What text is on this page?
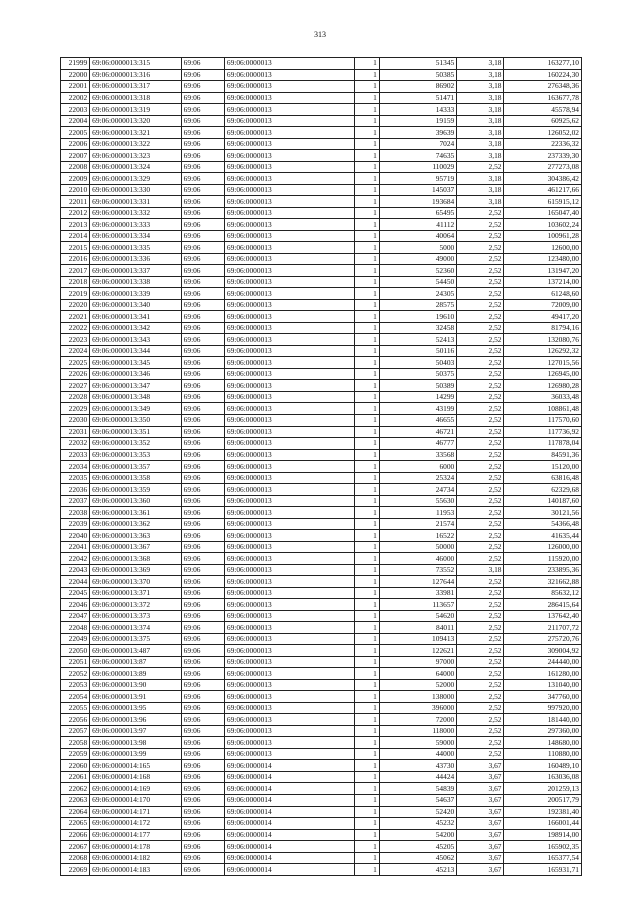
313
21999	69:06:0000013:315	69:06	69:06:0000013	1	51345	3,18	163277,10
22000	69:06:0000013:316	69:06	69:06:0000013	1	50385	3,18	160224,30
22001	69:06:0000013:317	69:06	69:06:0000013	1	86902	3,18	276348,36
22002	69:06:0000013:318	69:06	69:06:0000013	1	51471	3,18	163677,78
22003	69:06:0000013:319	69:06	69:06:0000013	1	14333	3,18	45578,94
22004	69:06:0000013:320	69:06	69:06:0000013	1	19159	3,18	60925,62
22005	69:06:0000013:321	69:06	69:06:0000013	1	39639	3,18	126052,02
22006	69:06:0000013:322	69:06	69:06:0000013	1	7024	3,18	22336,32
22007	69:06:0000013:323	69:06	69:06:0000013	1	74635	3,18	237339,30
22008	69:06:0000013:324	69:06	69:06:0000013	1	110029	2,52	277273,08
22009	69:06:0000013:329	69:06	69:06:0000013	1	95719	3,18	304386,42
22010	69:06:0000013:330	69:06	69:06:0000013	1	145037	3,18	461217,66
22011	69:06:0000013:331	69:06	69:06:0000013	1	193684	3,18	615915,12
22012	69:06:0000013:332	69:06	69:06:0000013	1	65495	2,52	165047,40
22013	69:06:0000013:333	69:06	69:06:0000013	1	41112	2,52	103602,24
22014	69:06:0000013:334	69:06	69:06:0000013	1	40064	2,52	100961,28
22015	69:06:0000013:335	69:06	69:06:0000013	1	5000	2,52	12600,00
22016	69:06:0000013:336	69:06	69:06:0000013	1	49000	2,52	123480,00
22017	69:06:0000013:337	69:06	69:06:0000013	1	52360	2,52	131947,20
22018	69:06:0000013:338	69:06	69:06:0000013	1	54450	2,52	137214,00
22019	69:06:0000013:339	69:06	69:06:0000013	1	24305	2,52	61248,60
22020	69:06:0000013:340	69:06	69:06:0000013	1	28575	2,52	72009,00
22021	69:06:0000013:341	69:06	69:06:0000013	1	19610	2,52	49417,20
22022	69:06:0000013:342	69:06	69:06:0000013	1	32458	2,52	81794,16
22023	69:06:0000013:343	69:06	69:06:0000013	1	52413	2,52	132080,76
22024	69:06:0000013:344	69:06	69:06:0000013	1	50116	2,52	126292,32
22025	69:06:0000013:345	69:06	69:06:0000013	1	50403	2,52	127015,56
22026	69:06:0000013:346	69:06	69:06:0000013	1	50375	2,52	126945,00
22027	69:06:0000013:347	69:06	69:06:0000013	1	50389	2,52	126980,28
22028	69:06:0000013:348	69:06	69:06:0000013	1	14299	2,52	36033,48
22029	69:06:0000013:349	69:06	69:06:0000013	1	43199	2,52	108861,48
22030	69:06:0000013:350	69:06	69:06:0000013	1	46655	2,52	117570,60
22031	69:06:0000013:351	69:06	69:06:0000013	1	46721	2,52	117736,92
22032	69:06:0000013:352	69:06	69:06:0000013	1	46777	2,52	117878,04
22033	69:06:0000013:353	69:06	69:06:0000013	1	33568	2,52	84591,36
22034	69:06:0000013:357	69:06	69:06:0000013	1	6000	2,52	15120,00
22035	69:06:0000013:358	69:06	69:06:0000013	1	25324	2,52	63816,48
22036	69:06:0000013:359	69:06	69:06:0000013	1	24734	2,52	62329,68
22037	69:06:0000013:360	69:06	69:06:0000013	1	55630	2,52	140187,60
22038	69:06:0000013:361	69:06	69:06:0000013	1	11953	2,52	30121,56
22039	69:06:0000013:362	69:06	69:06:0000013	1	21574	2,52	54366,48
22040	69:06:0000013:363	69:06	69:06:0000013	1	16522	2,52	41635,44
22041	69:06:0000013:367	69:06	69:06:0000013	1	50000	2,52	126000,00
22042	69:06:0000013:368	69:06	69:06:0000013	1	46000	2,52	115920,00
22043	69:06:0000013:369	69:06	69:06:0000013	1	73552	3,18	233895,36
22044	69:06:0000013:370	69:06	69:06:0000013	1	127644	2,52	321662,88
22045	69:06:0000013:371	69:06	69:06:0000013	1	33981	2,52	85632,12
22046	69:06:0000013:372	69:06	69:06:0000013	1	113657	2,52	286415,64
22047	69:06:0000013:373	69:06	69:06:0000013	1	54620	2,52	137642,40
22048	69:06:0000013:374	69:06	69:06:0000013	1	84011	2,52	211707,72
22049	69:06:0000013:375	69:06	69:06:0000013	1	109413	2,52	275720,76
22050	69:06:0000013:487	69:06	69:06:0000013	1	122621	2,52	309004,92
22051	69:06:0000013:87	69:06	69:06:0000013	1	97000	2,52	244440,00
22052	69:06:0000013:89	69:06	69:06:0000013	1	64000	2,52	161280,00
22053	69:06:0000013:90	69:06	69:06:0000013	1	52000	2,52	131040,00
22054	69:06:0000013:91	69:06	69:06:0000013	1	138000	2,52	347760,00
22055	69:06:0000013:95	69:06	69:06:0000013	1	396000	2,52	997920,00
22056	69:06:0000013:96	69:06	69:06:0000013	1	72000	2,52	181440,00
22057	69:06:0000013:97	69:06	69:06:0000013	1	118000	2,52	297360,00
22058	69:06:0000013:98	69:06	69:06:0000013	1	59000	2,52	148680,00
22059	69:06:0000013:99	69:06	69:06:0000013	1	44000	2,52	110880,00
22060	69:06:0000014:165	69:06	69:06:0000014	1	43730	3,67	160489,10
22061	69:06:0000014:168	69:06	69:06:0000014	1	44424	3,67	163036,08
22062	69:06:0000014:169	69:06	69:06:0000014	1	54839	3,67	201259,13
22063	69:06:0000014:170	69:06	69:06:0000014	1	54637	3,67	200517,79
22064	69:06:0000014:171	69:06	69:06:0000014	1	52420	3,67	192381,40
22065	69:06:0000014:172	69:06	69:06:0000014	1	45232	3,67	166001,44
22066	69:06:0000014:177	69:06	69:06:0000014	1	54200	3,67	198914,00
22067	69:06:0000014:178	69:06	69:06:0000014	1	45205	3,67	165902,35
22068	69:06:0000014:182	69:06	69:06:0000014	1	45062	3,67	165377,54
22069	69:06:0000014:183	69:06	69:06:0000014	1	45213	3,67	165931,71
